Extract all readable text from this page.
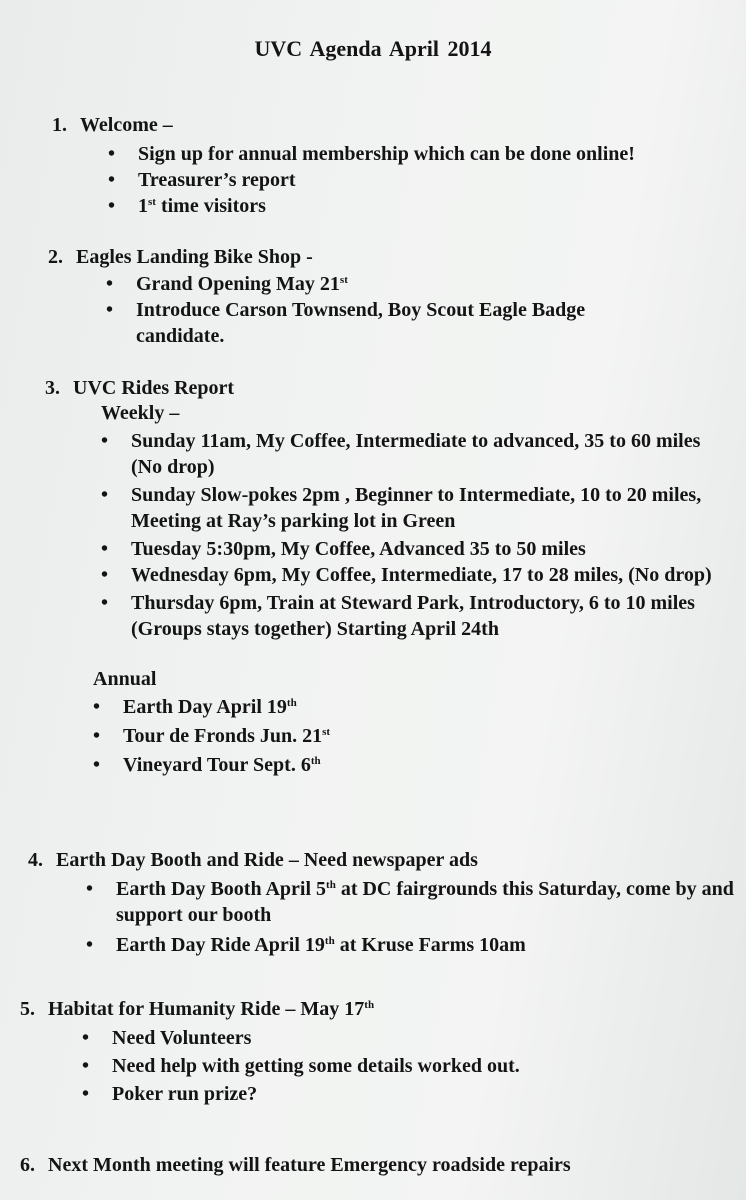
UVC Agenda April 2014
1. Welcome –
• Sign up for annual membership which can be done online!
• Treasurer’s report
• 1st time visitors
2. Eagles Landing Bike Shop -
• Grand Opening May 21st
• Introduce Carson Townsend, Boy Scout Eagle Badge candidate.
3. UVC Rides Report
Weekly –
• Sunday 11am, My Coffee, Intermediate to advanced, 35 to 60 miles (No drop)
• Sunday Slow-pokes 2pm , Beginner to Intermediate, 10 to 20 miles, Meeting at Ray’s parking lot in Green
• Tuesday 5:30pm, My Coffee, Advanced 35 to 50 miles
• Wednesday 6pm, My Coffee, Intermediate, 17 to 28 miles, (No drop)
• Thursday 6pm, Train at Steward Park, Introductory, 6 to 10 miles (Groups stays together) Starting April 24th
Annual
• Earth Day April 19th
• Tour de Fronds Jun. 21st
• Vineyard Tour Sept. 6th
4. Earth Day Booth and Ride – Need newspaper ads
• Earth Day Booth April 5th at DC fairgrounds this Saturday, come by and support our booth
• Earth Day Ride April 19th at Kruse Farms 10am
5. Habitat for Humanity Ride – May 17th
• Need Volunteers
• Need help with getting some details worked out.
• Poker run prize?
6. Next Month meeting will feature Emergency roadside repairs
